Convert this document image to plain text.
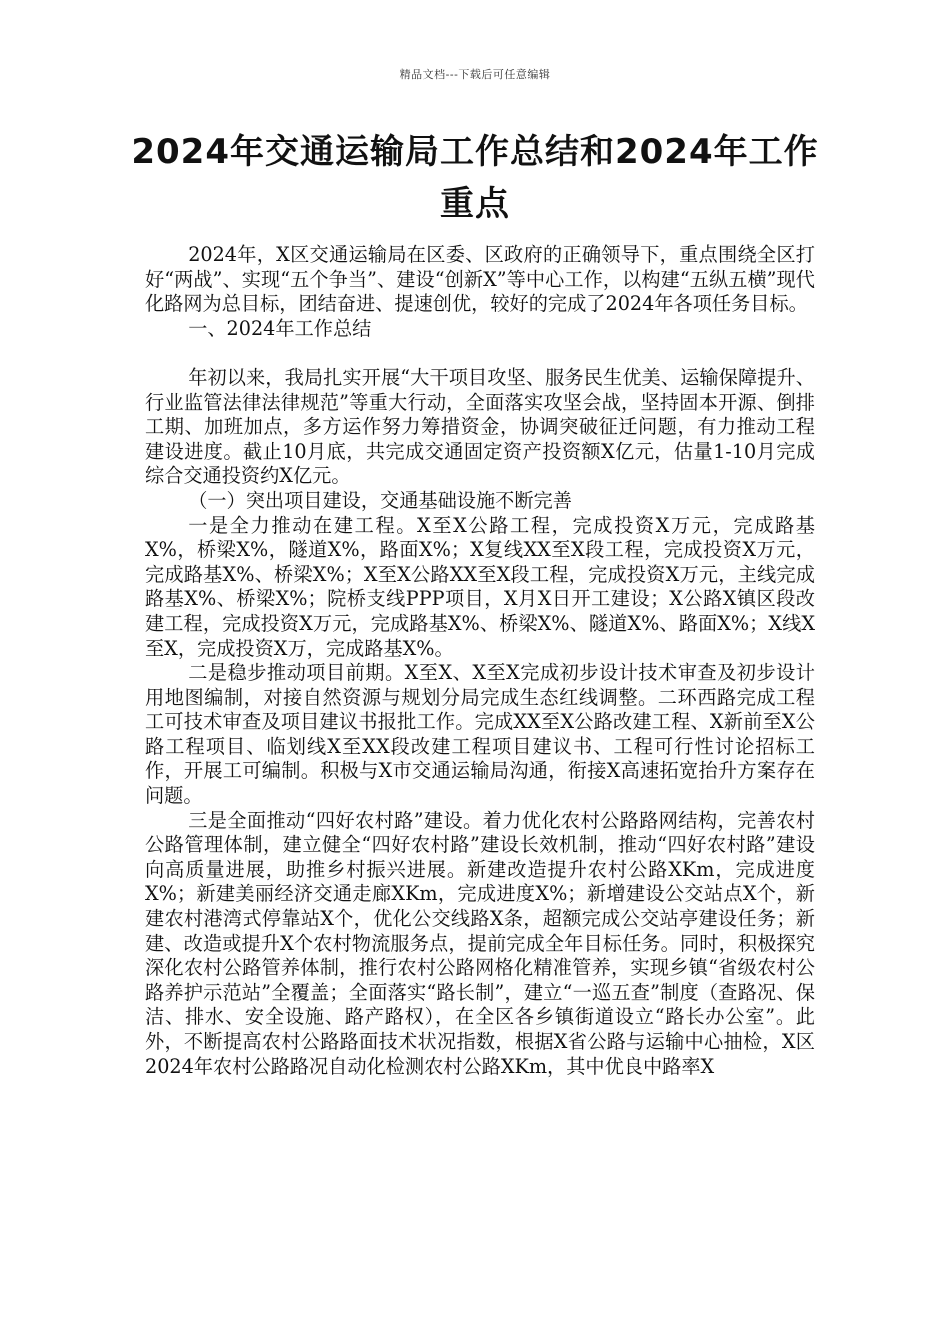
精品文档---下载后可任意编辑
2024年交通运输局工作总结和2024年工作重点

2024年，X区交通运输局在区委、区政府的正确领导下，重点围绕全区打好“两战”、实现“五个争当”、建设“创新X”等中心工作，以构建“五纵五横”现代化路网为总目标，团结奋进、提速创优，较好的完成了2024年各项任务目标。

一、2024年工作总结

年初以来，我局扎实开展“大干项目攻坚、服务民生优美、运输保障提升、行业监管法律法律规范”等重大行动，全面落实攻坚会战，坚持固本开源、倒排工期、加班加点，多方运作努力筹措资金，协调突破征迁问题，有力推动工程建设进度。截止10月底，共完成交通固定资产投资额X亿元，估量1-10月完成综合交通投资约X亿元。

（一）突出项目建设，交通基础设施不断完善

一是全力推动在建工程。X至X公路工程，完成投资X万元，完成路基X%，桥梁X%，隧道X%，路面X%；X复线XX至X段工程，完成投资X万元，完成路基X%、桥梁X%；X至X公路XX至X段工程，完成投资X万元，主线完成路基X%、桥梁X%；院桥支线PPP项目，X月X日开工建设；X公路X镇区段改建工程，完成投资X万元，完成路基X%、桥梁X%、隧道X%、路面X%；X线X至X，完成投资X万，完成路基X%。

二是稳步推动项目前期。X至X、X至X完成初步设计技术审查及初步设计用地图编制，对接自然资源与规划分局完成生态红线调整。二环西路完成工程工可技术审查及项目建议书报批工作。完成XX至X公路改建工程、X新前至X公路工程项目、临划线X至XX段改建工程项目建议书、工程可行性讨论招标工作，开展工可编制。积极与X市交通运输局沟通，衔接X高速拓宽抬升方案存在问题。

三是全面推动“四好农村路”建设。着力优化农村公路路网结构，完善农村公路管理体制，建立健全“四好农村路”建设长效机制，推动“四好农村路”建设向高质量进展，助推乡村振兴进展。新建改造提升农村公路XKm，完成进度X%；新建美丽经济交通走廊XKm，完成进度X%；新增建设公交站点X个，新建农村港湾式停靠站X个，优化公交线路X条，超额完成公交站亭建设任务；新建、改造或提升X个农村物流服务点，提前完成全年目标任务。同时，积极探究深化农村公路管养体制，推行农村公路网格化精准管养，实现乡镇“省级农村公路养护示范站”全覆盖；全面落实“路长制”，建立“一巡五查”制度（查路况、保洁、排水、安全设施、路产路权），在全区各乡镇街道设立“路长办公室”。此外，不断提高农村公路路面技术状况指数，根据X省公路与运输中心抽检，X区2024年农村公路路况自动化检测农村公路XKm，其中优良中路率X
